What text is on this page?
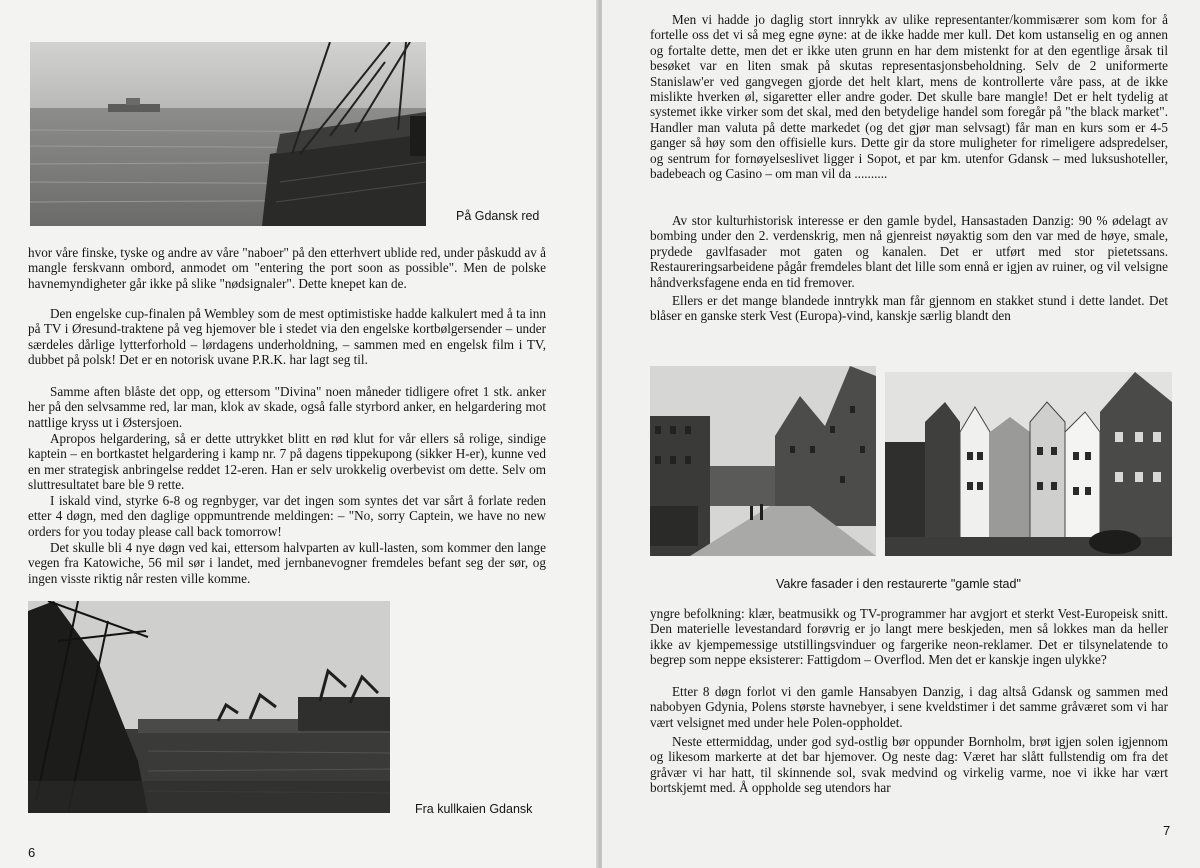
På Gdansk red

hvor våre finske, tyske og andre av våre "naboer" på den etterhvert ublide red, under påskudd av å mangle ferskvann ombord, anmodet om "entering the port soon as possible". Men de polske havnemyndigheter går ikke på slike "nødsignaler". Dette knepet kan de.

Den engelske cup-finalen på Wembley som de mest optimistiske hadde kalkulert med å ta inn på TV i Øresund-traktene på veg hjemover ble i stedet via den engelske kortbølgersender – under særdeles dårlige lytterforhold – lørdagens underholdning, – sammen med en engelsk film i TV, dubbet på polsk! Det er en notorisk uvane P.R.K. har lagt seg til.

Samme aften blåste det opp, og ettersom "Divina" noen måneder tidligere ofret 1 stk. anker her på den selvsamme red, lar man, klok av skade, også falle styrbord anker, en helgardering mot nattlige kryss ut i Østersjoen.

Apropos helgardering, så er dette uttrykket blitt en rød klut for vår ellers så rolige, sindige kaptein – en bortkastet helgardering i kamp nr. 7 på dagens tippekupong (sikker H-er), kunne ved en mer strategisk anbringelse reddet 12-eren. Han er selv urokkelig overbevist om dette. Selv om sluttresultatet bare ble 9 rette.

I iskald vind, styrke 6-8 og regnbyger, var det ingen som syntes det var sårt å forlate reden etter 4 døgn, med den daglige oppmuntrende meldingen: – "No, sorry Captein, we have no new orders for you today please call back tomorrow!

Det skulle bli 4 nye døgn ved kai, ettersom halvparten av kull-lasten, som kommer den lange vegen fra Katowiche, 56 mil sør i landet, med jernbanevogner fremdeles befant seg der sør, og ingen visste riktig når resten ville komme.

Fra kullkaien Gdansk

6

Men vi hadde jo daglig stort innrykk av ulike representanter/kommisærer som kom for å fortelle oss det vi så meg egne øyne: at de ikke hadde mer kull. Det kom ustanselig en og annen og fortalte dette, men det er ikke uten grunn en har dem mistenkt for at den egentlige årsak til besøket var en liten smak på skutas representasjonsbeholdning. Selv de 2 uniformerte Stanislaw'er ved gangvegen gjorde det helt klart, mens de kontrollerte våre pass, at de ikke mislikte hverken øl, sigaretter eller andre goder. Det skulle bare mangle! Det er helt tydelig at systemet ikke virker som det skal, med den betydelige handel som foregår på "the black market". Handler man valuta på dette markedet (og det gjør man selvsagt) får man en kurs som er 4-5 ganger så høy som den offisielle kurs. Dette gir da store muligheter for rimeligere adspredelser, og sentrum for fornøyelseslivet ligger i Sopot, et par km. utenfor Gdansk – med luksushoteller, badebeach og Casino – om man vil da ..........

Av stor kulturhistorisk interesse er den gamle bydel, Hansastaden Danzig: 90 % ødelagt av bombing under den 2. verdenskrig, men nå gjenreist nøyaktig som den var med de høye, smale, prydede gavlfasader mot gaten og kanalen. Det er utført med stor pietetssans. Restaureringsarbeidene pågår fremdeles blant det lille som ennå er igjen av ruiner, og vil velsigne håndverksfagene enda en tid fremover.

Ellers er det mange blandede inntrykk man får gjennom en stakket stund i dette landet. Det blåser en ganske sterk Vest (Europa)-vind, kanskje særlig blandt den

Vakre fasader i den restaurerte "gamle stad"

yngre befolkning: klær, beatmusikk og TV-programmer har avgjort et sterkt Vest-Europeisk snitt. Den materielle levestandard forøvrig er jo langt mere beskjeden, men så lokkes man da heller ikke av kjempemessige utstillingsvinduer og fargerike neon-reklamer. Det er tilsynelatende to begrep som neppe eksisterer: Fattigdom – Overflod. Men det er kanskje ingen ulykke?

Etter 8 døgn forlot vi den gamle Hansabyen Danzig, i dag altså Gdansk og sammen med nabobyen Gdynia, Polens største havnebyer, i sene kveldstimer i det samme gråværet som vi har vært velsignet med under hele Polen-oppholdet.

Neste ettermiddag, under god syd-ostlig bør oppunder Bornholm, brøt igjen solen igjennom og likesom markerte at det bar hjemover. Og neste dag: Været har slått fullstendig om fra det gråvær vi har hatt, til skinnende sol, svak medvind og virkelig varme, noe vi ikke har vært bortskjemt med. Å oppholde seg utendors har

7
